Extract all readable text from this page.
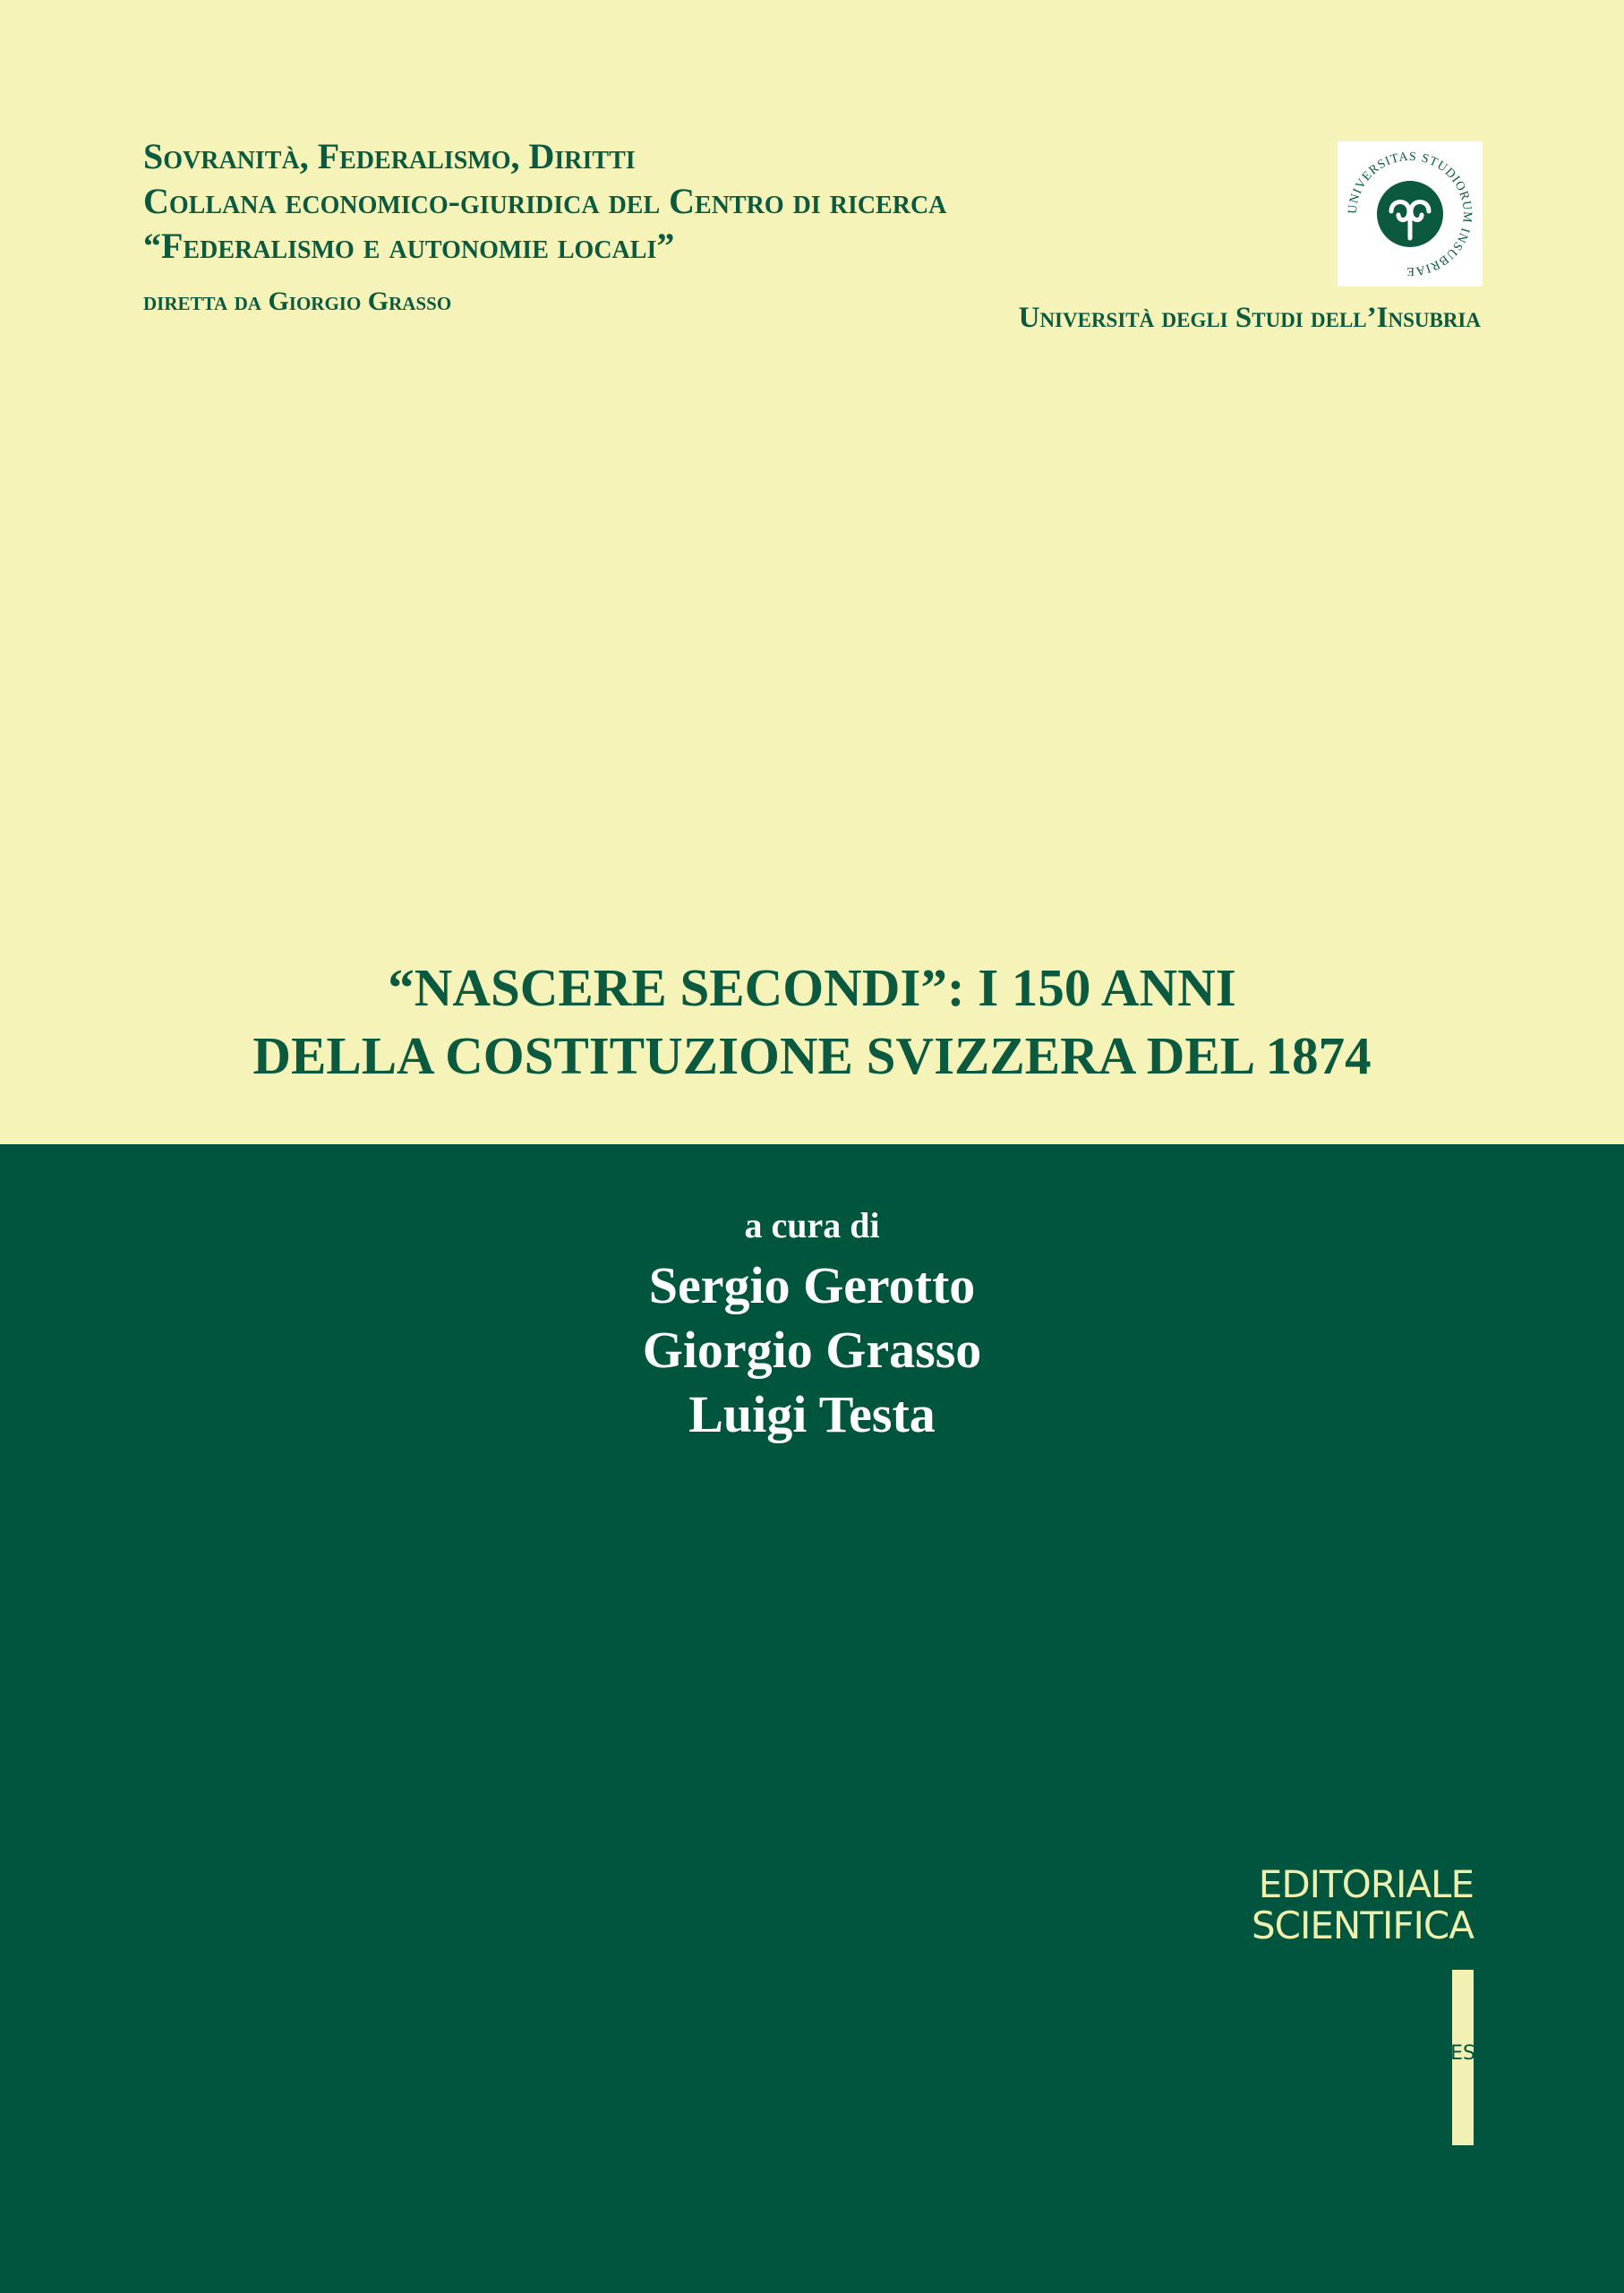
Sovranità, Federalismo, Diritti
Collana economico-giuridica del Centro di ricerca
“Federalismo e autonomie locali”
diretta da Giorgio Grasso
UNIVERSITAS STUDIORUM INSUBRIAE
Università degli Studi dell’Insubria
“NASCERE SECONDI”: I 150 ANNI
DELLA COSTITUZIONE SVIZZERA DEL 1874
a cura di
Sergio Gerotto
Giorgio Grasso
Luigi Testa
EDITORIALE
SCIENTIFICA
ES
